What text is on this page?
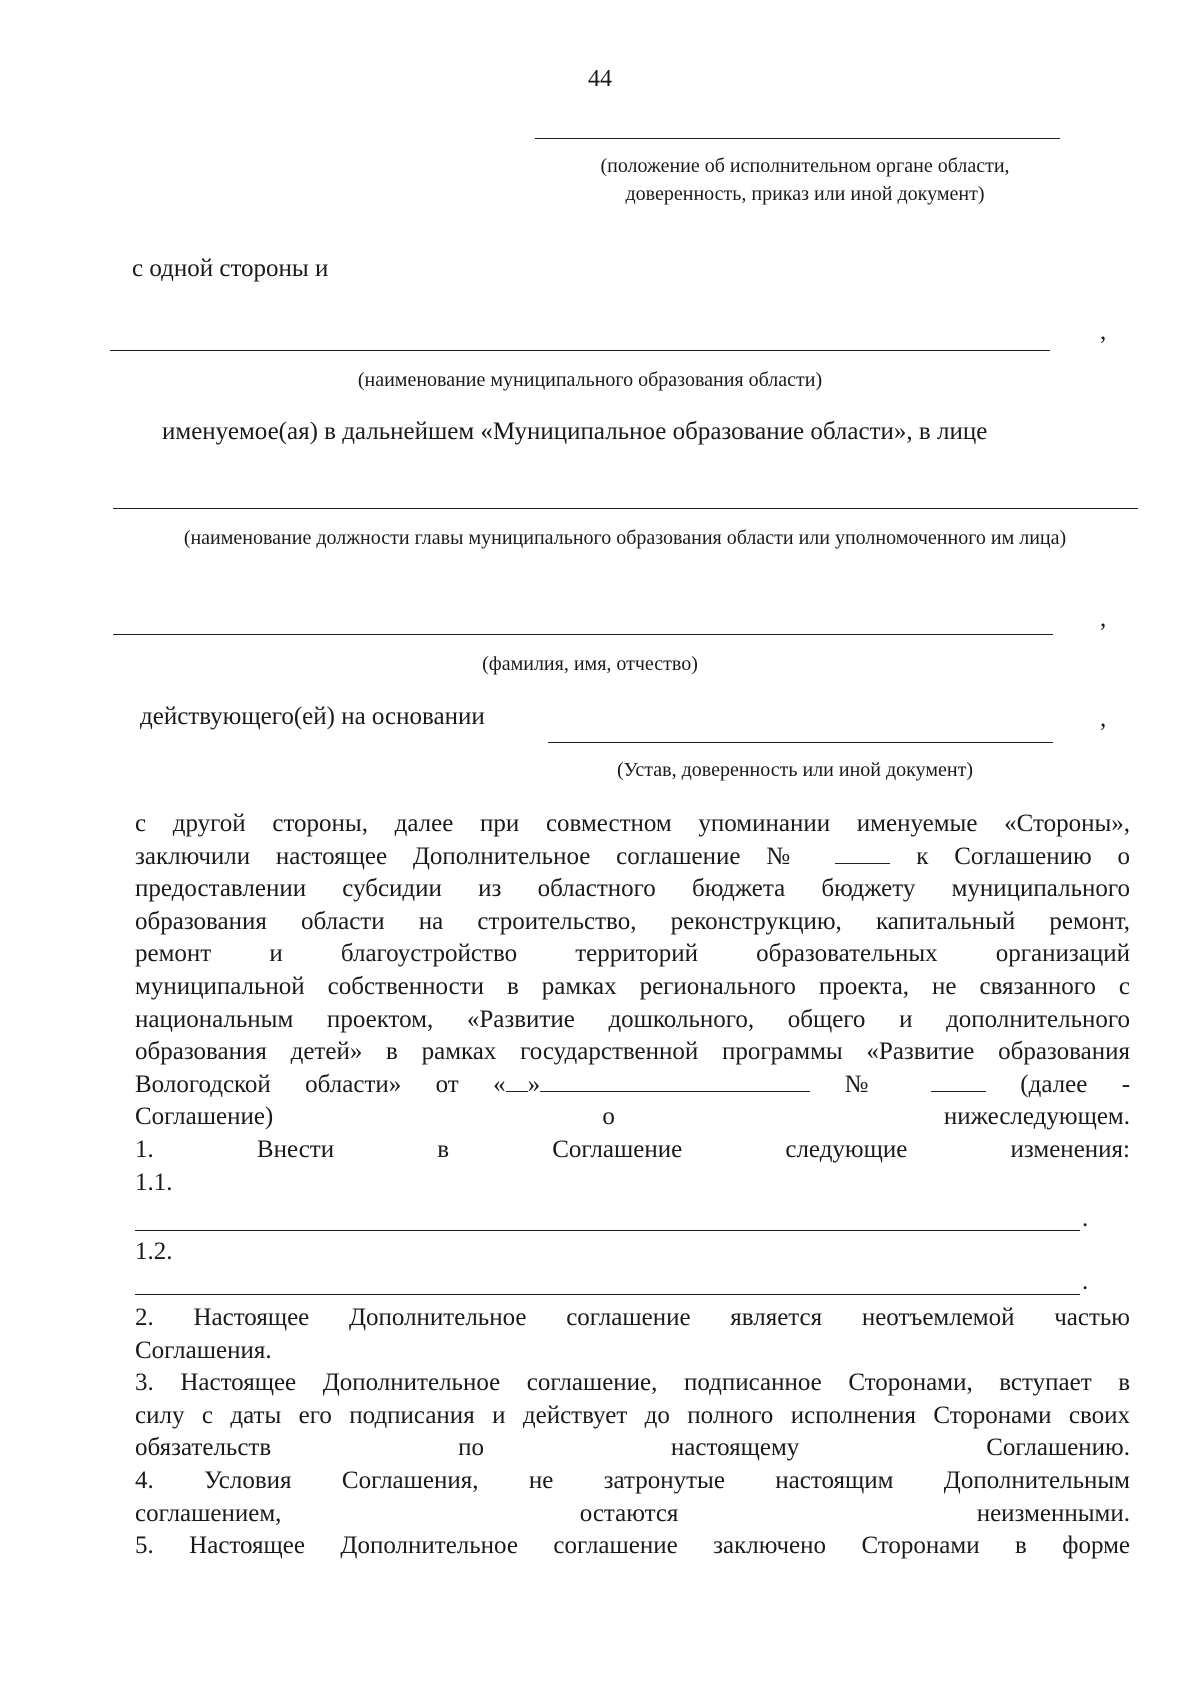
44
(положение об исполнительном органе области, доверенность, приказ или иной документ)
с одной стороны и
,
(наименование муниципального образования области)
именуемое(ая) в дальнейшем «Муниципальное образование области», в лице
(наименование должности главы муниципального образования области или уполномоченного им лица)
,
(фамилия, имя, отчество)
действующего(ей) на основании	,
(Устав, доверенность или иной документ)
с другой стороны, далее при совместном упоминании именуемые «Стороны»,
заключили настоящее Дополнительное соглашение №	к Соглашению о
предоставлении субсидии из областного бюджета бюджету муниципального
образования области на строительство, реконструкцию, капитальный ремонт,
ремонт и благоустройство территорий образовательных организаций
муниципальной собственности в рамках регионального проекта, не связанного с
национальным проектом, «Развитие дошкольного, общего и дополнительного
образования детей» в рамках государственной программы «Развитие образования
Вологодской области» от « »	№	(далее -
Соглашение) о нижеследующем.
1. Внести в Соглашение следующие изменения:
1.1.
.
1.2.
.
2. Настоящее Дополнительное соглашение является неотъемлемой частью
Соглашения.
3. Настоящее Дополнительное соглашение, подписанное Сторонами, вступает в
силу с даты его подписания и действует до полного исполнения Сторонами своих
обязательств по настоящему Соглашению.
4. Условия Соглашения, не затронутые настоящим Дополнительным
соглашением, остаются неизменными.
5. Настоящее Дополнительное соглашение заключено Сторонами в форме
